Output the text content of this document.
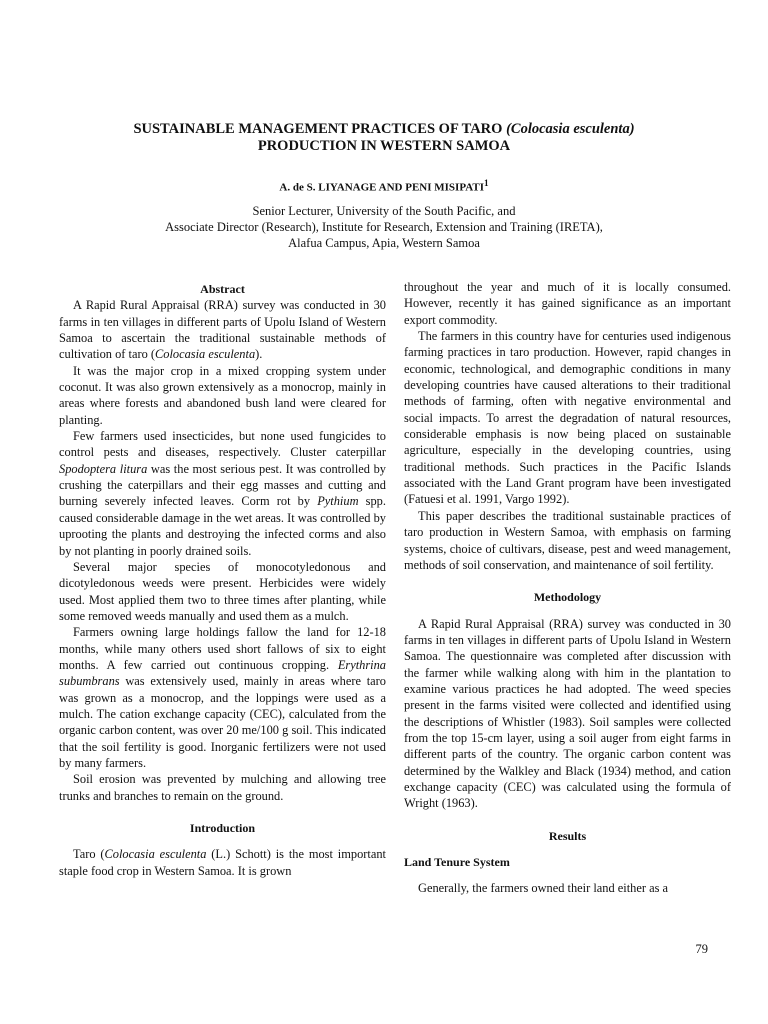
SUSTAINABLE MANAGEMENT PRACTICES OF TARO (Colocasia esculenta)
PRODUCTION IN WESTERN SAMOA
A. de S. LIYANAGE AND PENI MISIPATI$^1$
Senior Lecturer, University of the South Pacific, and
Associate Director (Research), Institute for Research, Extension and Training (IRETA),
Alafua Campus, Apia, Western Samoa
Abstract

A Rapid Rural Appraisal (RRA) survey was conducted in 30 farms in ten villages in different parts of Upolu Island of Western Samoa to ascertain the traditional sustainable methods of cultivation of taro (Colocasia esculenta).

It was the major crop in a mixed cropping system under coconut. It was also grown extensively as a monocrop, mainly in areas where forests and abandoned bush land were cleared for planting.

Few farmers used insecticides, but none used fungicides to control pests and diseases, respectively. Cluster caterpillar Spodoptera litura was the most serious pest. It was controlled by crushing the caterpillars and their egg masses and cutting and burning severely infected leaves. Corm rot by Pythium spp. caused considerable damage in the wet areas. It was controlled by uprooting the plants and destroying the infected corms and also by not planting in poorly drained soils.

Several major species of monocotyledonous and dicotyledonous weeds were present. Herbicides were widely used. Most applied them two to three times after planting, while some removed weeds manually and used them as a mulch.

Farmers owning large holdings fallow the land for 12-18 months, while many others used short fallows of six to eight months. A few carried out continuous cropping. Erythrina subumbrans was extensively used, mainly in areas where taro was grown as a monocrop, and the loppings were used as a mulch. The cation exchange capacity (CEC), calculated from the organic carbon content, was over 20 me/100 g soil. This indicated that the soil fertility is good. Inorganic fertilizers were not used by many farmers.

Soil erosion was prevented by mulching and allowing tree trunks and branches to remain on the ground.

Introduction

Taro (Colocasia esculenta (L.) Schott) is the most important staple food crop in Western Samoa. It is grown

throughout the year and much of it is locally consumed. However, recently it has gained significance as an important export commodity.

The farmers in this country have for centuries used indigenous farming practices in taro production. However, rapid changes in economic, technological, and demographic conditions in many developing countries have caused alterations to their traditional methods of farming, often with negative environmental and social impacts. To arrest the degradation of natural resources, considerable emphasis is now being placed on sustainable agriculture, especially in the developing countries, using traditional methods. Such practices in the Pacific Islands associated with the Land Grant program have been investigated (Fatuesi et al. 1991, Vargo 1992).

This paper describes the traditional sustainable practices of taro production in Western Samoa, with emphasis on farming systems, choice of cultivars, disease, pest and weed management, methods of soil conservation, and maintenance of soil fertility.

Methodology

A Rapid Rural Appraisal (RRA) survey was conducted in 30 farms in ten villages in different parts of Upolu Island in Western Samoa. The questionnaire was completed after discussion with the farmer while walking along with him in the plantation to examine various practices he had adopted. The weed species present in the farms visited were collected and identified using the descriptions of Whistler (1983). Soil samples were collected from the top 15-cm layer, using a soil auger from eight farms in different parts of the country. The organic carbon content was determined by the Walkley and Black (1934) method, and cation exchange capacity (CEC) was calculated using the formula of Wright (1963).

Results
Land Tenure System

Generally, the farmers owned their land either as a

79
